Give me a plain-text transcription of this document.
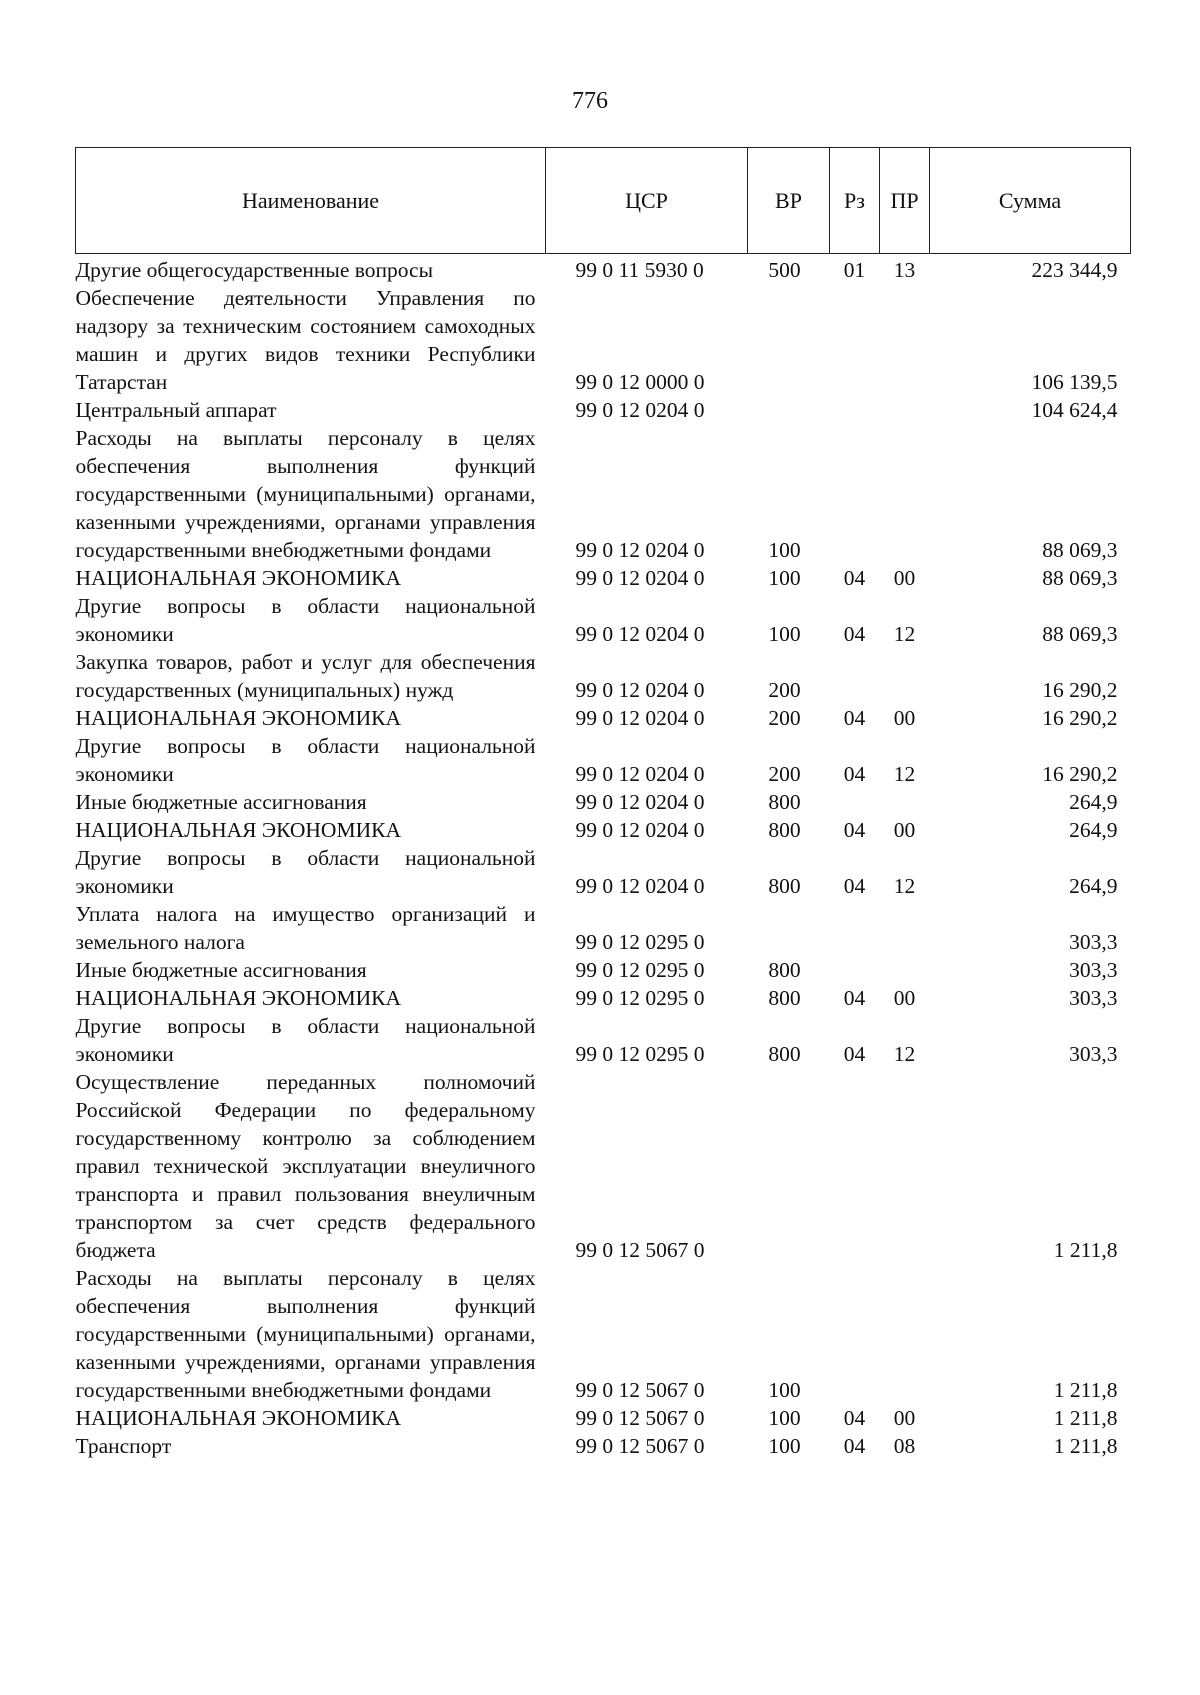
776
Наименование	ЦСР	ВР	Рз	ПР	Сумма
Другие общегосударственные вопросы	99 0 11 5930 0	500	01	13	223 344,9
Обеспечение деятельности Управления по надзору за техническим состоянием самоходных машин и других видов техники Республики Татарстан	99 0 12 0000 0				106 139,5
Центральный аппарат	99 0 12 0204 0				104 624,4
Расходы на выплаты персоналу в целях обеспечения выполнения функций государственными (муниципальными) органами, казенными учреждениями, органами управления государственными внебюджетными фондами	99 0 12 0204 0	100			88 069,3
НАЦИОНАЛЬНАЯ ЭКОНОМИКА	99 0 12 0204 0	100	04	00	88 069,3
Другие вопросы в области национальной экономики	99 0 12 0204 0	100	04	12	88 069,3
Закупка товаров, работ и услуг для обеспечения государственных (муниципальных) нужд	99 0 12 0204 0	200			16 290,2
НАЦИОНАЛЬНАЯ ЭКОНОМИКА	99 0 12 0204 0	200	04	00	16 290,2
Другие вопросы в области национальной экономики	99 0 12 0204 0	200	04	12	16 290,2
Иные бюджетные ассигнования	99 0 12 0204 0	800			264,9
НАЦИОНАЛЬНАЯ ЭКОНОМИКА	99 0 12 0204 0	800	04	00	264,9
Другие вопросы в области национальной экономики	99 0 12 0204 0	800	04	12	264,9
Уплата налога на имущество организаций и земельного налога	99 0 12 0295 0				303,3
Иные бюджетные ассигнования	99 0 12 0295 0	800			303,3
НАЦИОНАЛЬНАЯ ЭКОНОМИКА	99 0 12 0295 0	800	04	00	303,3
Другие вопросы в области национальной экономики	99 0 12 0295 0	800	04	12	303,3
Осуществление переданных полномочий Российской Федерации по федеральному государственному контролю за соблюдением правил технической эксплуатации внеуличного транспорта и правил пользования внеуличным транспортом за счет средств федерального бюджета	99 0 12 5067 0				1 211,8
Расходы на выплаты персоналу в целях обеспечения выполнения функций государственными (муниципальными) органами, казенными учреждениями, органами управления государственными внебюджетными фондами	99 0 12 5067 0	100			1 211,8
НАЦИОНАЛЬНАЯ ЭКОНОМИКА	99 0 12 5067 0	100	04	00	1 211,8
Транспорт	99 0 12 5067 0	100	04	08	1 211,8
